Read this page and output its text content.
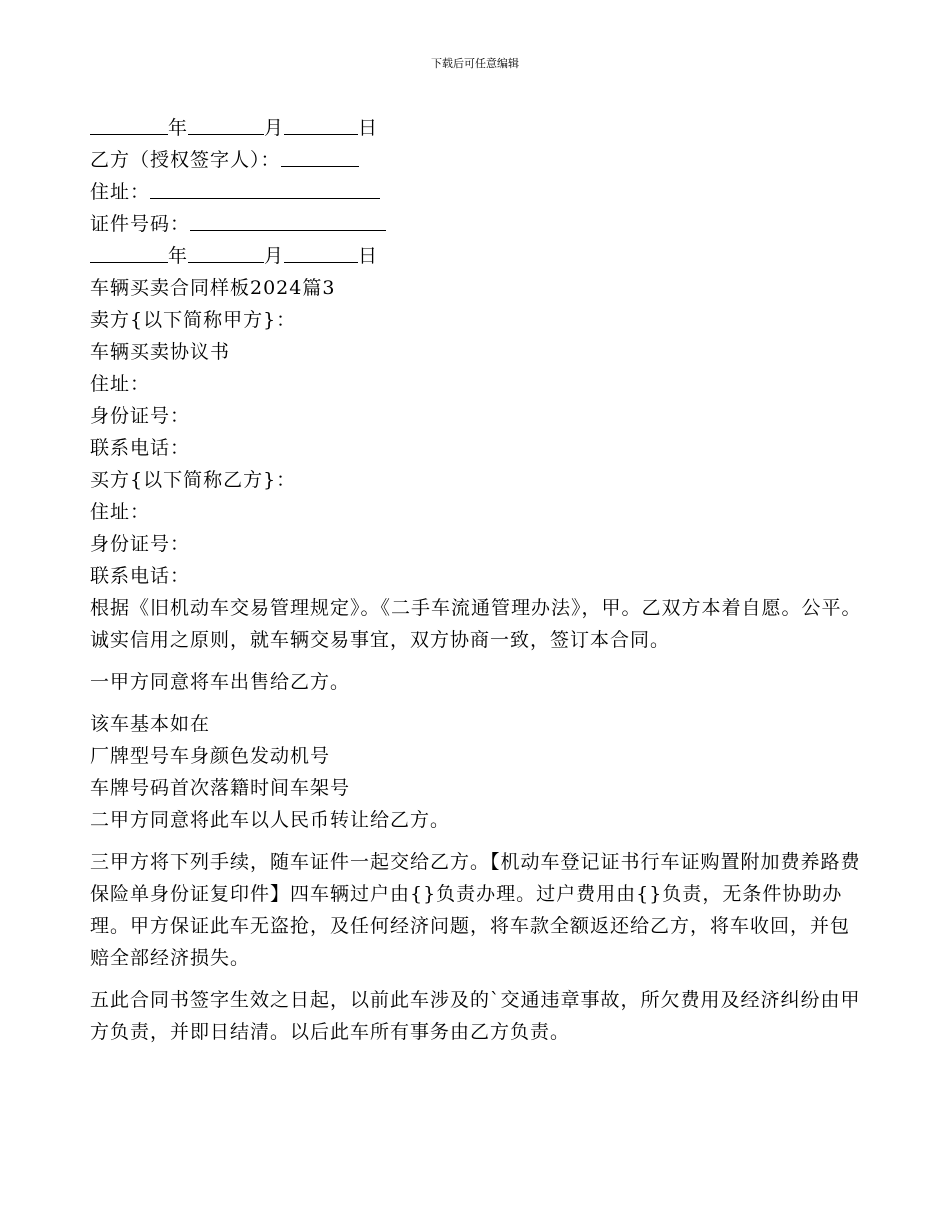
下载后可任意编辑
年	月	日
乙方（授权签字人）：
住址：
证件号码：
年	月	日
车辆买卖合同样板2024篇3
卖方{以下简称甲方}：
车辆买卖协议书
住址：
身份证号：
联系电话：
买方{以下简称乙方}：
住址：
身份证号：
联系电话：
根据《旧机动车交易管理规定》。《二手车流通管理办法》，甲。乙双方本着自愿。公平。诚实信用之原则，就车辆交易事宜，双方协商一致，签订本合同。
一甲方同意将车出售给乙方。
该车基本如在
厂牌型号车身颜色发动机号
车牌号码首次落籍时间车架号
二甲方同意将此车以人民币转让给乙方。
三甲方将下列手续，随车证件一起交给乙方。【机动车登记证书行车证购置附加费养路费保险单身份证复印件】四车辆过户由{}负责办理。过户费用由{}负责，无条件协助办理。甲方保证此车无盗抢，及任何经济问题，将车款全额返还给乙方，将车收回，并包赔全部经济损失。
五此合同书签字生效之日起，以前此车涉及的`交通违章事故，所欠费用及经济纠纷由甲方负责，并即日结清。以后此车所有事务由乙方负责。
